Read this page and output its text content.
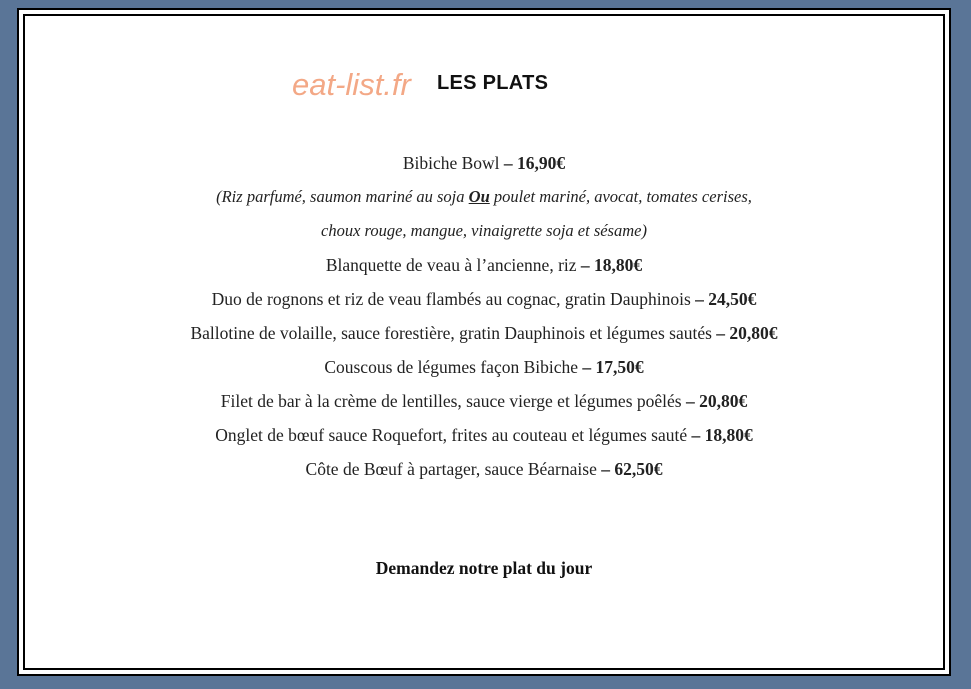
eat-list.fr LES PLATS
Bibiche Bowl – 16,90€
(Riz parfumé, saumon mariné au soja Ou poulet mariné, avocat, tomates cerises,
choux rouge, mangue, vinaigrette soja et sésame)
Blanquette de veau à l’ancienne, riz – 18,80€
Duo de rognons et riz de veau flambés au cognac, gratin Dauphinois – 24,50€
Ballotine de volaille, sauce forestière, gratin Dauphinois et légumes sautés – 20,80€
Couscous de légumes façon Bibiche – 17,50€
Filet de bar à la crème de lentilles, sauce vierge et légumes poêlés – 20,80€
Onglet de bœuf sauce Roquefort, frites au couteau et légumes sauté – 18,80€
Côte de Bœuf à partager, sauce Béarnaise – 62,50€
Demandez notre plat du jour
